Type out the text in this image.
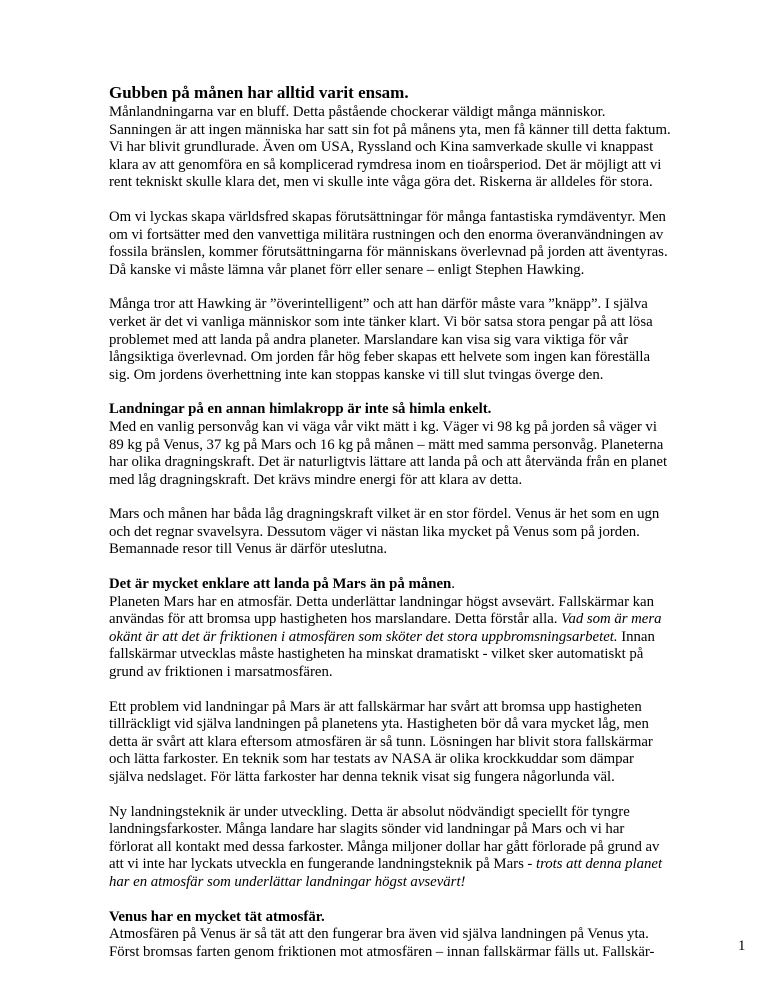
Gubben på månen har alltid varit ensam.

Månlandningarna var en bluff. Detta påstående chockerar väldigt många människor. Sanningen är att ingen människa har satt sin fot på månens yta, men få känner till detta faktum. Vi har blivit grundlurade. Även om USA, Ryssland och Kina samverkade skulle vi knappast klara av att genomföra en så komplicerad rymdresa inom en tioårsperiod. Det är möjligt att vi rent tekniskt skulle klara det, men vi skulle inte våga göra det. Riskerna är alldeles för stora.

Om vi lyckas skapa världsfred skapas förutsättningar för många fantastiska rymdäventyr. Men om vi fortsätter med den vanvettiga militära rustningen och den enorma överanvändningen av fossila bränslen, kommer förutsättningarna för människans överlevnad på jorden att äventyras. Då kanske vi måste lämna vår planet förr eller senare – enligt Stephen Hawking.

Många tror att Hawking är ”överintelligent” och att han därför måste vara ”knäpp”. I själva verket är det vi vanliga människor som inte tänker klart. Vi bör satsa stora pengar på att lösa problemet med att landa på andra planeter. Marslandare kan visa sig vara viktiga för vår långsiktiga överlevnad. Om jorden får hög feber skapas ett helvete som ingen kan föreställa sig. Om jordens överhettning inte kan stoppas kanske vi till slut tvingas överge den.

Landningar på en annan himlakropp är inte så himla enkelt.

Med en vanlig personvåg kan vi väga vår vikt mätt i kg. Väger vi 98 kg på jorden så väger vi 89 kg på Venus, 37 kg på Mars och 16 kg på månen – mätt med samma personvåg. Planeterna har olika dragningskraft. Det är naturligtvis lättare att landa på och att återvända från en planet med låg dragningskraft. Det krävs mindre energi för att klara av detta.

Mars och månen har båda låg dragningskraft vilket är en stor fördel. Venus är het som en ugn och det regnar svavelsyra. Dessutom väger vi nästan lika mycket på Venus som på jorden. Bemannade resor till Venus är därför uteslutna.

Det är mycket enklare att landa på Mars än på månen.

Planeten Mars har en atmosfär. Detta underlättar landningar högst avsevärt. Fallskärmar kan användas för att bromsa upp hastigheten hos marslandare. Detta förstår alla. Vad som är mera okänt är att det är friktionen i atmosfären som sköter det stora uppbromsningsarbetet. Innan fallskärmar utvecklas måste hastigheten ha minskat dramatiskt - vilket sker automatiskt på grund av friktionen i marsatmosfären.

Ett problem vid landningar på Mars är att fallskärmar har svårt att bromsa upp hastigheten tillräckligt vid själva landningen på planetens yta. Hastigheten bör då vara mycket låg, men detta är svårt att klara eftersom atmosfären är så tunn. Lösningen har blivit stora fallskärmar och lätta farkoster. En teknik som har testats av NASA är olika krockkuddar som dämpar själva nedslaget. För lätta farkoster har denna teknik visat sig fungera någorlunda väl.

Ny landningsteknik är under utveckling. Detta är absolut nödvändigt speciellt för tyngre landningsfarkoster. Många landare har slagits sönder vid landningar på Mars och vi har förlorat all kontakt med dessa farkoster. Många miljoner dollar har gått förlorade på grund av att vi inte har lyckats utveckla en fungerande landningsteknik på Mars - trots att denna planet har en atmosfär som underlättar landningar högst avsevärt!

Venus har en mycket tät atmosfär.

Atmosfären på Venus är så tät att den fungerar bra även vid själva landningen på Venus yta. Först bromsas farten genom friktionen mot atmosfären – innan fallskärmar fälls ut. Fallskär-	1
